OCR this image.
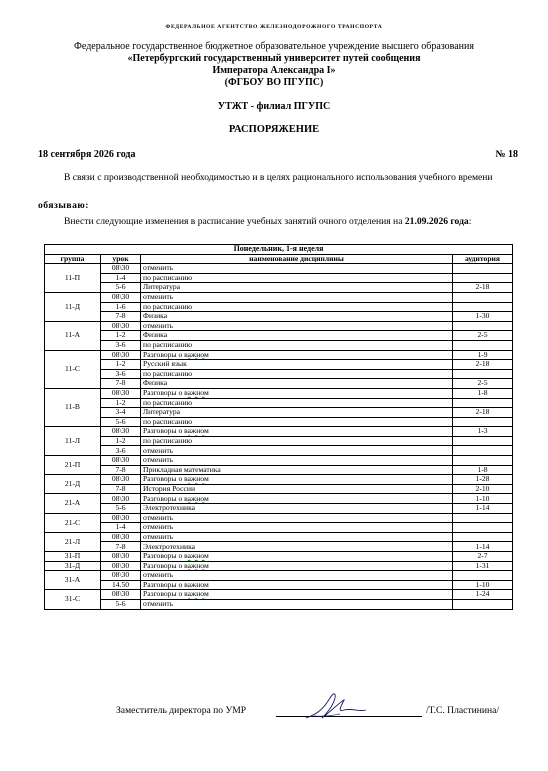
ФЕДЕРАЛЬНОЕ АГЕНТСТВО ЖЕЛЕЗНОДОРОЖНОГО ТРАНСПОРТА
Федеральное государственное бюджетное образовательное учреждение высшего образования
«Петербургский государственный университет путей сообщения
Императора Александра I»
(ФГБОУ ВО ПГУПС)
УТЖТ - филиал ПГУПС
РАСПОРЯЖЕНИЕ
18 сентября 2026 года	№ 18
В связи с производственной необходимостью и в целях рационального использования учебного времени
обязываю:
Внести следующие изменения в расписание учебных занятий очного отделения на 21.09.2026 года:
Понедельник, 1-я неделя			
группа	урок	наименование дисциплины	аудитория
11-П	08\30	отменить	
	1-4	по расписанию	
	5-6	Литература	2-18
11-Д	08\30	отменить	
	1-6	по расписанию	
	7-8	Физика	1-30
11-А	08\30	отменить	
	1-2	Физика	2-5
	3-6	по расписанию	
11-С	08\30	Разговоры о важном	1-9
	1-2	Русский язык	2-18
	3-6	по расписанию	
	7-8	Физика	2-5
11-В	08\30	Разговоры о важном	1-8
	1-2	по расписанию	
	3-4	Литература	2-18
	5-6	по расписанию	
11-Л	08\30	Разговоры о важном	1-3
	1-2	по расписанию	
	3-6	отменить	
21-П	08\30	отменить	
	7-8	Прикладная математика	1-8
21-Д	08\30	Разговоры о важном	1-28
	7-8	История России	2-10
21-А	08\30	Разговоры о важном	1-10
	5-6	Электротехника	1-14
21-С	08\30	отменить	
	1-4	отменить	
21-Л	08\30	отменить	
	7-8	Электротехника	1-14
31-П	08\30	Разговоры о важном	2-7
31-Д	08\30	Разговоры о важном	1-31
31-А	08\30	отменить	
	14.50	Разговоры о важном	1-10
31-С	08\30	Разговоры о важном	1-24
	5-6	отменить	
Заместитель директора по УМР	/Т.С. Пластинина/
